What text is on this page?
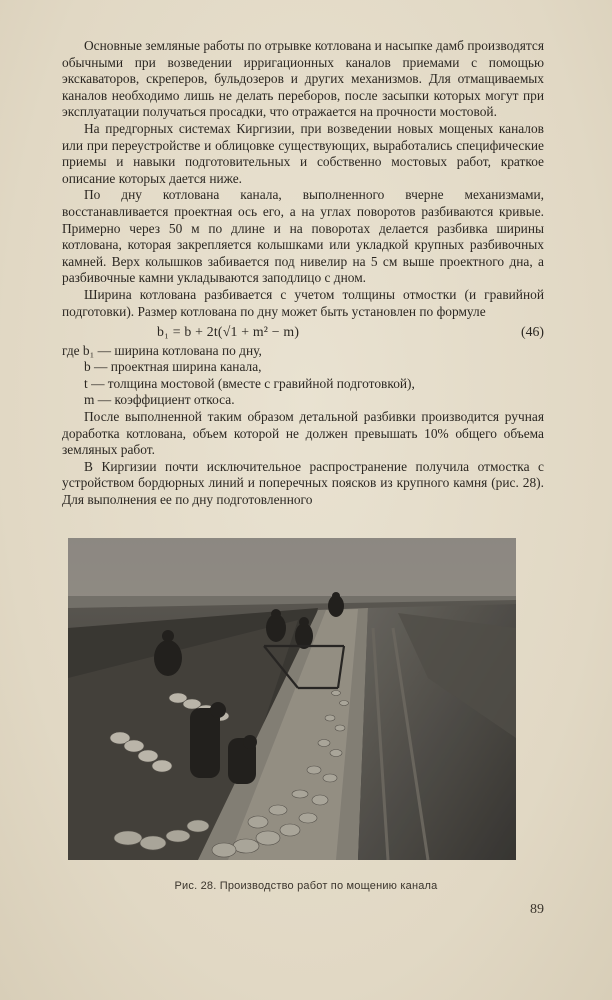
Основные земляные работы по отрывке котлована и насыпке дамб производятся обычными при возведении ирригационных каналов приемами с помощью экскаваторов, скреперов, бульдозеров и других механизмов. Для отмащиваемых каналов необходимо лишь не делать переборов, после засыпки которых могут при эксплуатации получаться просадки, что отражается на прочности мостовой.

На предгорных системах Киргизии, при возведении новых мощеных каналов или при переустройстве и облицовке существующих, выработались специфические приемы и навыки подготовительных и собственно мостовых работ, краткое описание которых дается ниже.

По дну котлована канала, выполненного вчерне механизмами, восстанавливается проектная ось его, а на углах поворотов разбиваются кривые. Примерно через 50 м по длине и на поворотах делается разбивка ширины котлована, которая закрепляется колышками или укладкой крупных разбивочных камней. Верх колышков забивается под нивелир на 5 см выше проектного дна, а разбивочные камни укладываются заподлицо с дном.

Ширина котлована разбивается с учетом толщины отмостки (и гравийной подготовки). Размер котлована по дну может быть установлен по формуле

b₁ = b + 2t(√1 + m² − m)	(46)
где b₁ — ширина котлована по дну,
b — проектная ширина канала,
t — толщина мостовой (вместе с гравийной подготовкой),
m — коэффициент откоса.

После выполненной таким образом детальной разбивки производится ручная доработка котлована, объем которой не должен превышать 10% общего объема земляных работ.

В Киргизии почти исключительное распространение получила отмостка с устройством бордюрных линий и поперечных поясков из крупного камня (рис. 28). Для выполнения ее по дну подготовленного

Рис. 28. Производство работ по мощению канала
89
